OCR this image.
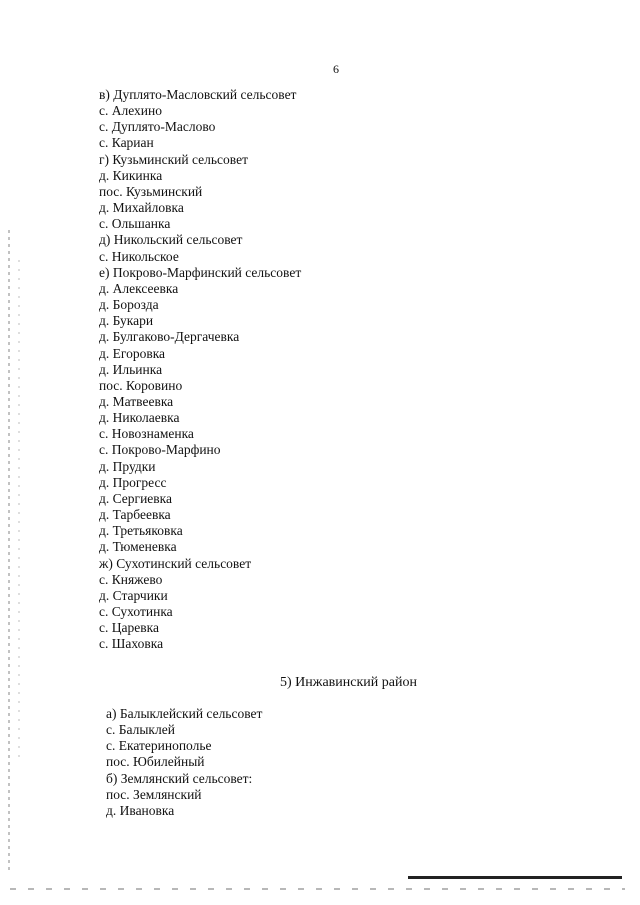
6
в) Дуплято-Масловский сельсовет
с. Алехино
с. Дуплято-Маслово
с. Кариан
г) Кузьминский сельсовет
д. Кикинка
пос. Кузьминский
д. Михайловка
с. Ольшанка
д) Никольский сельсовет
с. Никольское
е) Покрово-Марфинский сельсовет
д. Алексеевка
д. Борозда
д. Букари
д. Булгаково-Дергачевка
д. Егоровка
д. Ильинка
пос. Коровино
д. Матвеевка
д. Николаевка
с. Новознаменка
с. Покрово-Марфино
д. Прудки
д. Прогресс
д. Сергиевка
д. Тарбеевка
д. Третьяковка
д. Тюменевка
ж) Сухотинский сельсовет
с. Княжево
д. Старчики
с. Сухотинка
с. Царевка
с. Шаховка
5) Инжавинский район
а) Балыклейский сельсовет
с. Балыклей
с. Екатеринополье
пос. Юбилейный
б) Землянский сельсовет:
пос. Землянский
д. Ивановка
